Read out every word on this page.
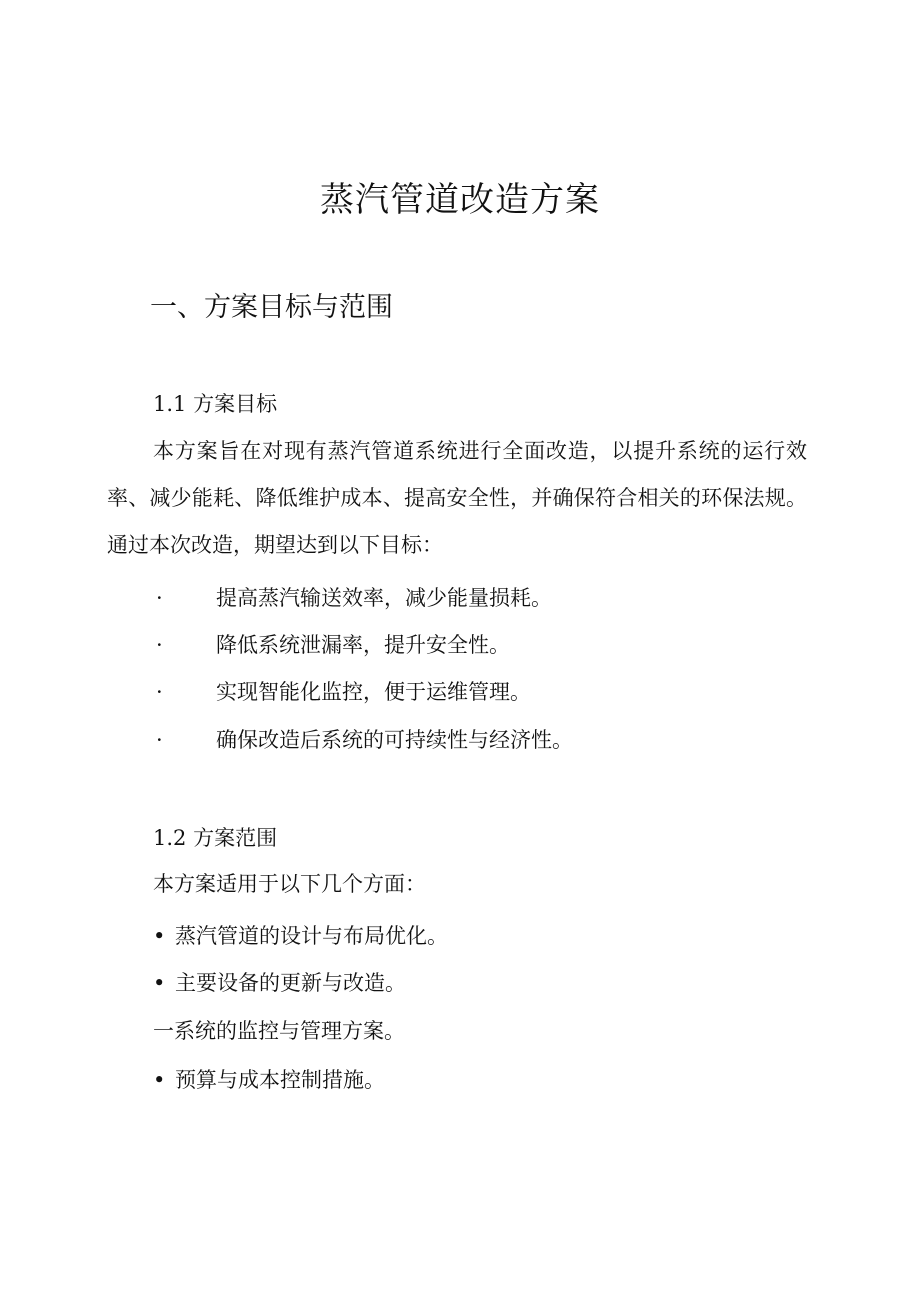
蒸汽管道改造方案
一、方案目标与范围
1.1 方案目标
本方案旨在对现有蒸汽管道系统进行全面改造，以提升系统的运行效率、减少能耗、降低维护成本、提高安全性，并确保符合相关的环保法规。通过本次改造，期望达到以下目标：
·	提高蒸汽输送效率，减少能量损耗。
·	降低系统泄漏率，提升安全性。
·	实现智能化监控，便于运维管理。
·	确保改造后系统的可持续性与经济性。
1.2 方案范围
本方案适用于以下几个方面：
• 蒸汽管道的设计与布局优化。
• 主要设备的更新与改造。
一系统的监控与管理方案。
• 预算与成本控制措施。
